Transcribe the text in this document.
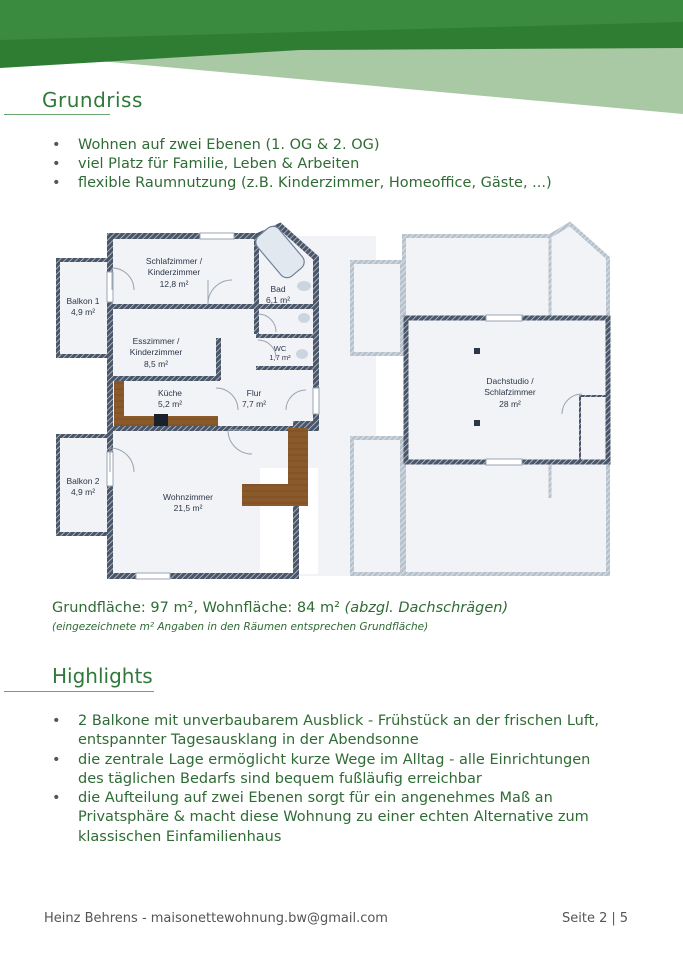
Grundriss
• Wohnen auf zwei Ebenen (1. OG & 2. OG)
• viel Platz für Familie, Leben & Arbeiten
• flexible Raumnutzung (z.B. Kinderzimmer, Homeoffice, Gäste, ...)
Schlafzimmer /
Kinderzimmer
12,8 m²	Bad
6,1 m²
Balkon 1
4,9 m²
Esszimmer /
Kinderzimmer
8,5 m²
WC
1,7 m²
Küche
5,2 m²
Flur
7,7 m²
Balkon 2
4,9 m²	Wohnzimmer
21,5 m²
Dachstudio /
Schlafzimmer
28 m²
Grundfläche: 97 m², Wohnfläche: 84 m² (abzgl. Dachschrägen)
(eingezeichnete m² Angaben in den Räumen entsprechen Grundfläche)
Highlights
• 2 Balkone mit unverbaubarem Ausblick - Frühstück an der frischen Luft,
entspannter Tagesausklang in der Abendsonne
• die zentrale Lage ermöglicht kurze Wege im Alltag - alle Einrichtungen
des täglichen Bedarfs sind bequem fußläufig erreichbar
• die Aufteilung auf zwei Ebenen sorgt für ein angenehmes Maß an
Privatsphäre & macht diese Wohnung zu einer echten Alternative zum
klassischen Einfamilienhaus
Heinz Behrens - maisonettewohnung.bw@gmail.com	Seite 2 | 5
